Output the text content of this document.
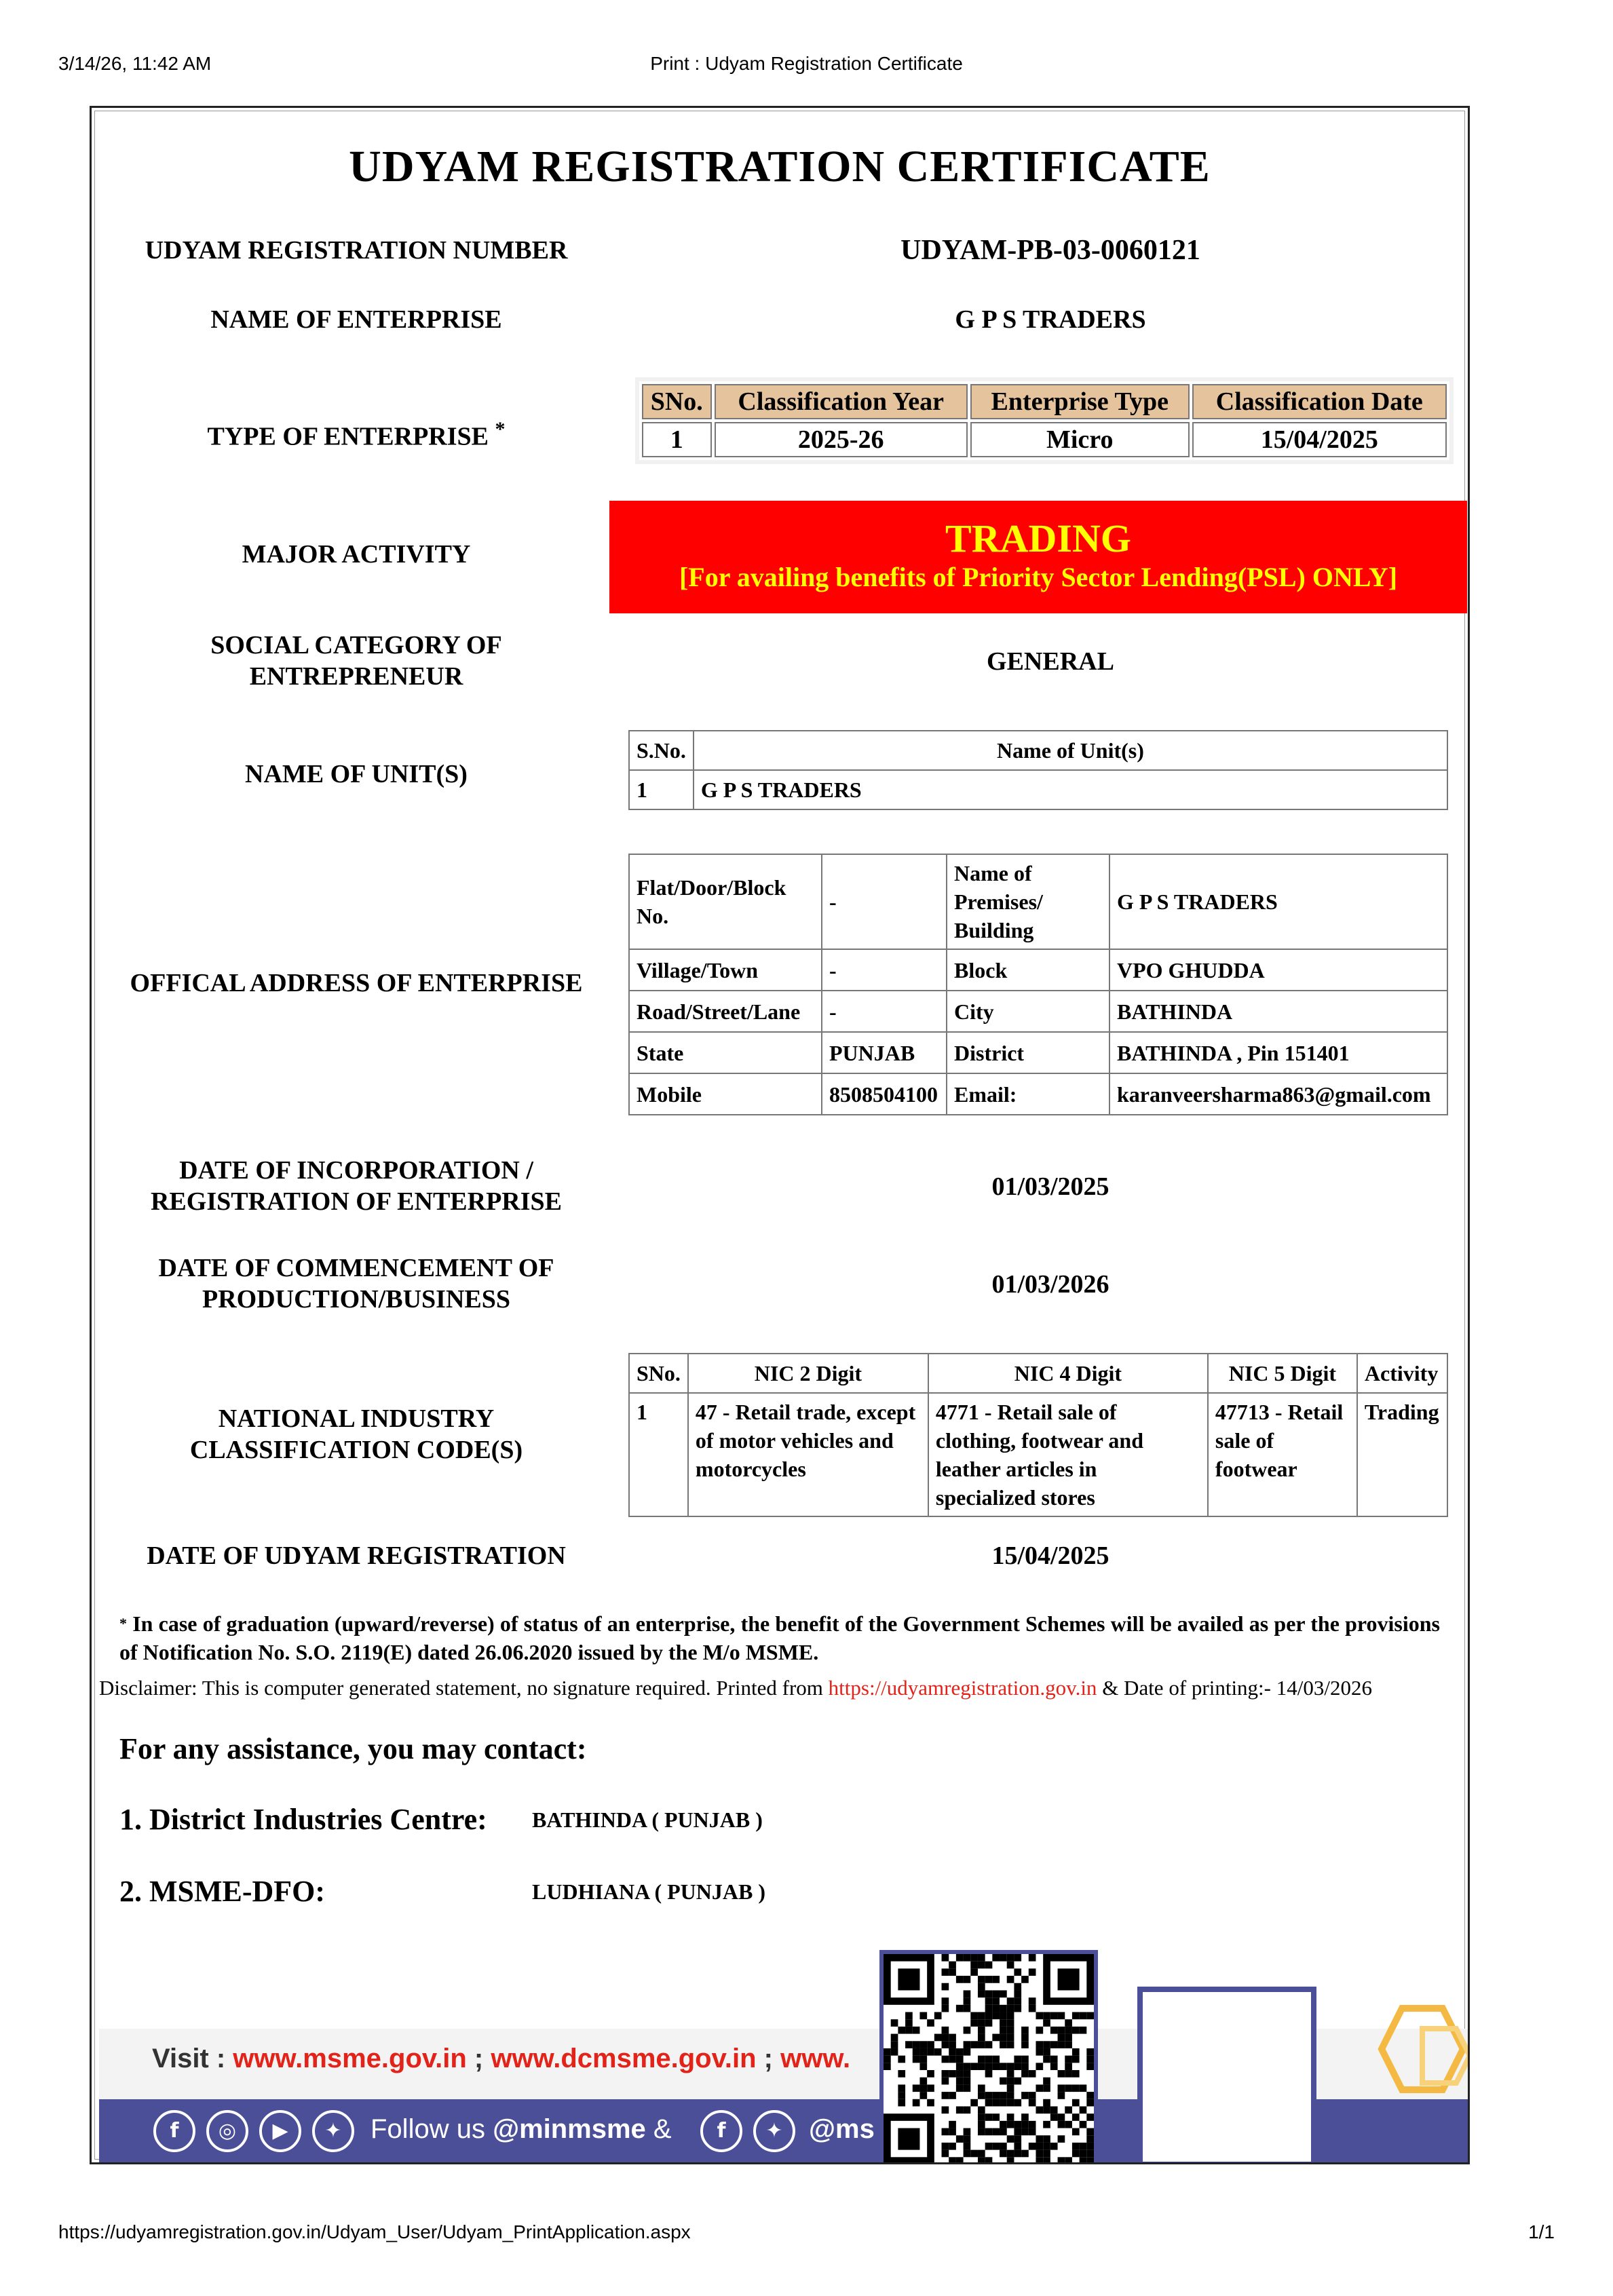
3/14/26, 11:42 AM	Print : Udyam Registration Certificate
UDYAM REGISTRATION CERTIFICATE
UDYAM REGISTRATION NUMBER	UDYAM-PB-03-0060121
NAME OF ENTERPRISE	G P S TRADERS
TYPE OF ENTERPRISE *
SNo.	Classification Year	Enterprise Type	Classification Date
1	2025-26	Micro	15/04/2025
MAJOR ACTIVITY	TRADING
[For availing benefits of Priority Sector Lending(PSL) ONLY]
SOCIAL CATEGORY OF
ENTREPRENEUR
GENERAL
NAME OF UNIT(S)
S.No.	Name of Unit(s)
1	G P S TRADERS
OFFICAL ADDRESS OF ENTERPRISE
Flat/Door/Block No.	-	Name of Premises/ Building	G P S TRADERS
Village/Town	-	Block	VPO GHUDDA
Road/Street/Lane	-	City	BATHINDA
State	PUNJAB	District	BATHINDA , Pin 151401
Mobile	8508504100	Email:	karanveersharma863@gmail.com
DATE OF INCORPORATION /
REGISTRATION OF ENTERPRISE
01/03/2025
DATE OF COMMENCEMENT OF
PRODUCTION/BUSINESS
01/03/2026
NATIONAL INDUSTRY
CLASSIFICATION CODE(S)
SNo.	NIC 2 Digit	NIC 4 Digit	NIC 5 Digit	Activity
1	47 - Retail trade, except of motor vehicles and motorcycles	4771 - Retail sale of clothing, footwear and leather articles in specialized stores	47713 - Retail sale of footwear	Trading
DATE OF UDYAM REGISTRATION	15/04/2025
* In case of graduation (upward/reverse) of status of an enterprise, the benefit of the Government Schemes will be availed as per the provisions of Notification No. S.O. 2119(E) dated 26.06.2020 issued by the M/o MSME.
Disclaimer: This is computer generated statement, no signature required. Printed from https://udyamregistration.gov.in & Date of printing:- 14/03/2026
For any assistance, you may contact:
1. District Industries Centre: BATHINDA ( PUNJAB )
2. MSME-DFO:	LUDHIANA ( PUNJAB )
Visit : www.msme.gov.in ; www.dcmsme.gov.in ; www.
f	◎	▶	✦	Follow us @minmsme &	f	✦ @ms
https://udyamregistration.gov.in/Udyam_User/Udyam_PrintApplication.aspx	1/1
